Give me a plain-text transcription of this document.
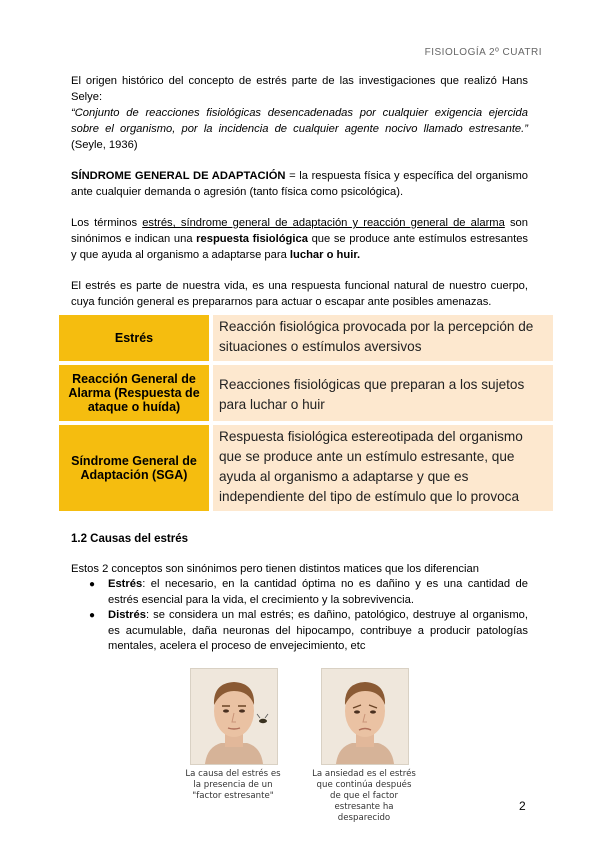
FISIOLOGÍA 2º CUATRI

El origen histórico del concepto de estrés parte de las investigaciones que realizó Hans Selye:
“Conjunto de reacciones fisiológicas desencadenadas por cualquier exigencia ejercida sobre el organismo, por la incidencia de cualquier agente nocivo llamado estresante.” (Seyle, 1936)

SÍNDROME GENERAL DE ADAPTACIÓN = la respuesta física y específica del organismo ante cualquier demanda o agresión (tanto física como psicológica).

Los términos estrés, síndrome general de adaptación y reacción general de alarma son sinónimos e indican una respuesta fisiológica que se produce ante estímulos estresantes y que ayuda al organismo a adaptarse para luchar o huir.

El estrés es parte de nuestra vida, es una respuesta funcional natural de nuestro cuerpo, cuya función general es prepararnos para actuar o escapar ante posibles amenazas.

Estrés		Reacción fisiológica provocada por la percepción de situaciones o estímulos aversivos
Reacción General de Alarma (Respuesta de ataque o huída)		Reacciones fisiológicas que preparan a los sujetos para luchar o huir
Síndrome General de Adaptación (SGA)		Respuesta fisiológica estereotipada del organismo que se produce ante un estímulo estresante, que ayuda al organismo a adaptarse y que es independiente del tipo de estímulo que lo provoca
1.2 Causas del estrés

Estos 2 conceptos son sinónimos pero tienen distintos matices que los diferencian

● Estrés: el necesario, en la cantidad óptima no es dañino y es una cantidad de estrés esencial para la vida, el crecimiento y la sobrevivencia.
● Distrés: se considera un mal estrés; es dañino, patológico, destruye al organismo, es acumulable, daña neuronas del hipocampo, contribuye a producir patologías mentales, acelera el proceso de envejecimiento, etc
La causa del estrés es la presencia de un "factor estresante"
La ansiedad es el estrés que continúa después de que el factor estresante ha desparecido
2
